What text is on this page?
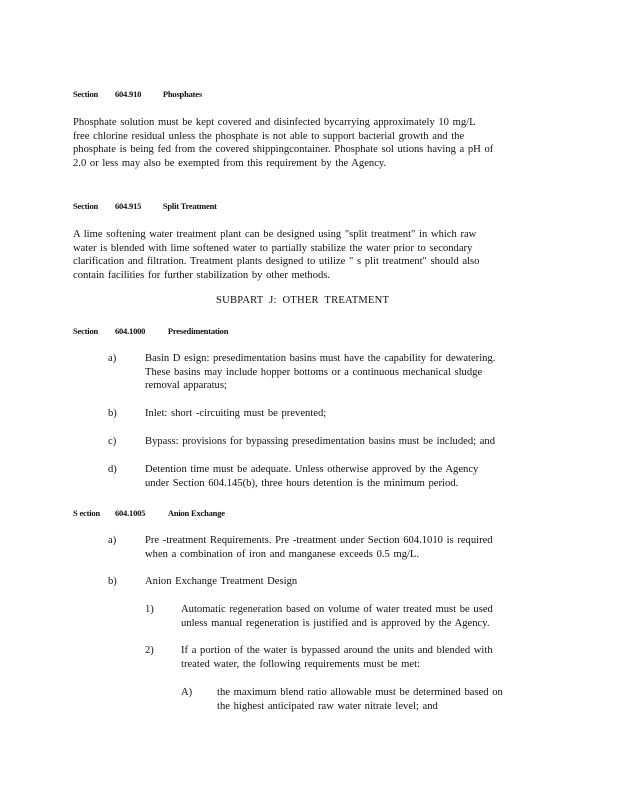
Section 604.910	Phosphates
Phosphate solution must be kept covered and disinfected bycarrying approximately 10 mg/L
free chlorine residual unless the phosphate is not able to support bacterial growth and the
phosphate is being fed from the covered shippingcontainer. Phosphate sol utions having a pH of
2.0 or less may also be exempted from this requirement by the Agency.
Section 604.915	Split Treatment
A lime softening water treatment plant can be designed using "split treatment" in which raw
water is blended with lime softened water to partially stabilize the water prior to secondary
clarification and filtration. Treatment plants designed to utilize " s plit treatment" should also
contain facilities for further stabilization by other methods.
SUBPART J: OTHER TREATMENT
Section 604.1000	Presedimentation
a)	Basin D esign: presedimentation basins must have the capability for dewatering.
These basins may include hopper bottoms or a continuous mechanical sludge
removal apparatus;
b)	Inlet: short -circuiting must be prevented;
c)	Bypass: provisions for bypassing presedimentation basins must be included; and
d)	Detention time must be adequate. Unless otherwise approved by the Agency
under Section 604.145(b), three hours detention is the minimum period.
S ection 604.1005	Anion Exchange
a)	Pre -treatment Requirements. Pre -treatment under Section 604.1010 is required
when a combination of iron and manganese exceeds 0.5 mg/L.
b)	Anion Exchange Treatment Design
1)	Automatic regeneration based on volume of water treated must be used
unless manual regeneration is justified and is approved by the Agency.
2)	If a portion of the water is bypassed around the units and blended with
treated water, the following requirements must be met:
A) the maximum blend ratio allowable must be determined based on
the highest anticipated raw water nitrate level; and
